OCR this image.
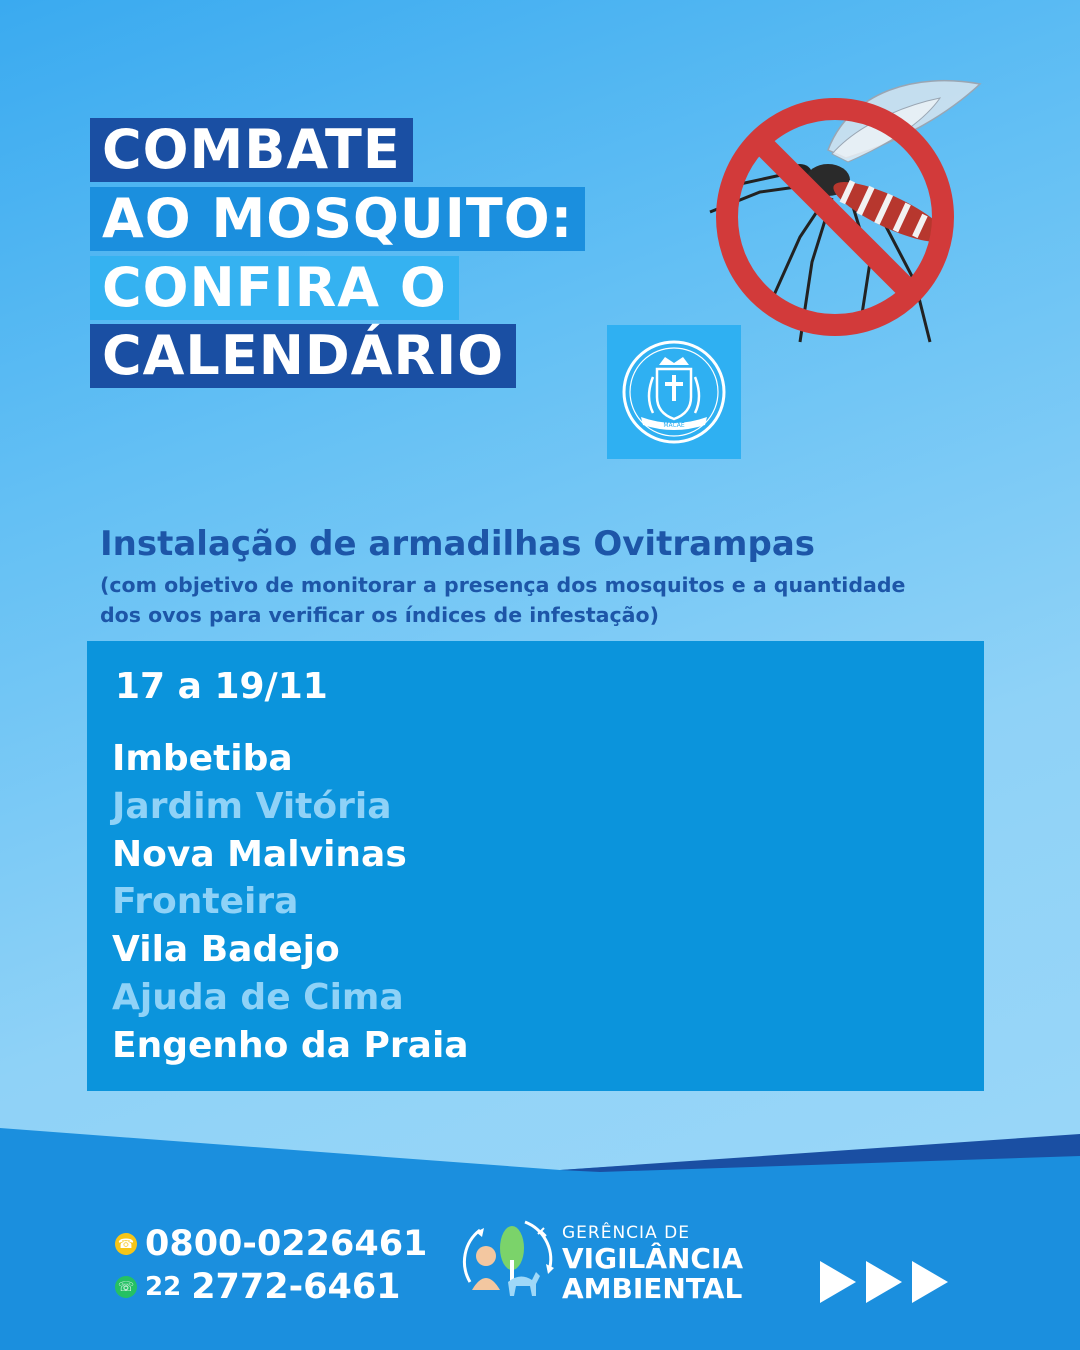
COMBATE
AO MOSQUITO:
CONFIRA O
CALENDÁRIO
MACAÉ
Instalação de armadilhas Ovitrampas
(com objetivo de monitorar a presença dos mosquitos e a quantidade dos ovos para verificar os índices de infestação)
17 a 19/11
Imbetiba
Jardim Vitória
Nova Malvinas
Fronteira
Vila Badejo
Ajuda de Cima
Engenho da Praia
☎ 0800-0226461
☏ 22 2772-6461
GERÊNCIA DE
VIGILÂNCIA
AMBIENTAL
